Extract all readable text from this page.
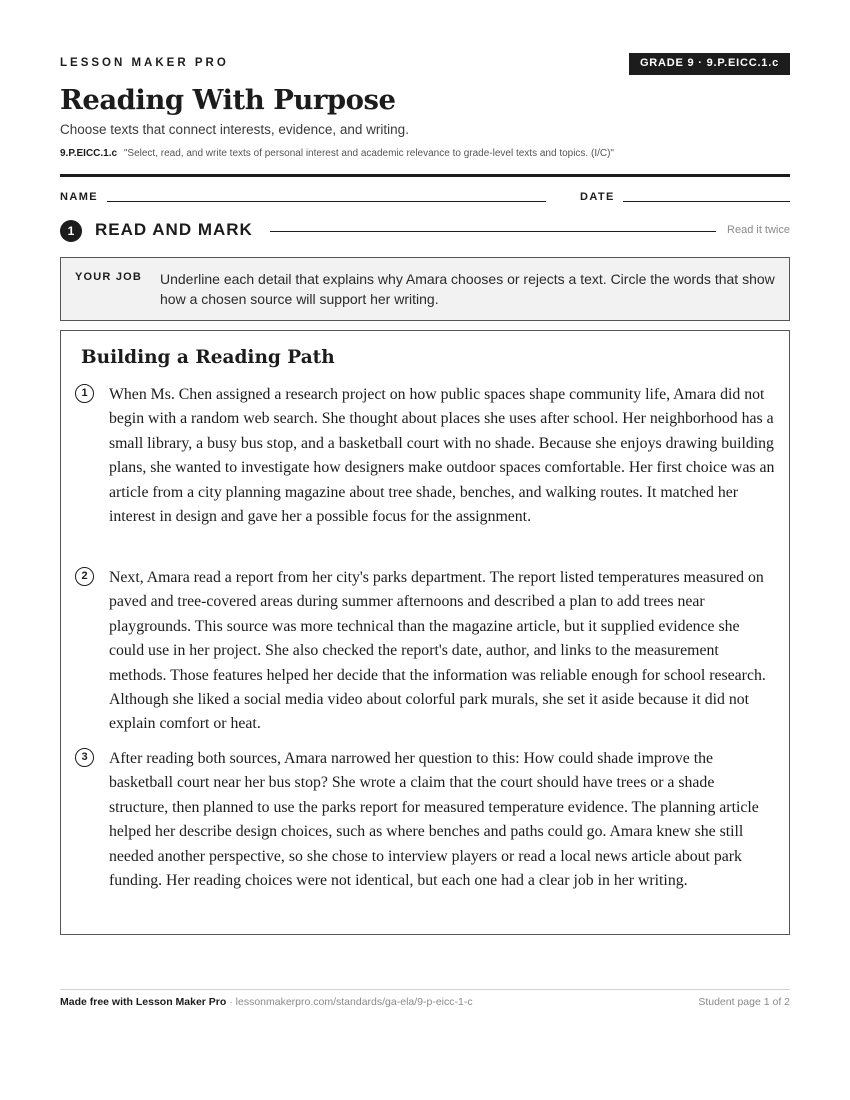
LESSON MAKER PRO	GRADE 9 · 9.P.EICC.1.c
Reading With Purpose
Choose texts that connect interests, evidence, and writing.
9.P.EICC.1.c "Select, read, and write texts of personal interest and academic relevance to grade-level texts and topics. (I/C)"
NAME	DATE
1	READ AND MARK	Read it twice
YOUR JOB Underline each detail that explains why Amara chooses or rejects a text. Circle the words that show how a chosen source will support her writing.
Building a Reading Path
1	When Ms. Chen assigned a research project on how public spaces shape community life, Amara did not begin with a random web search. She thought about places she uses after school. Her neighborhood has a small library, a busy bus stop, and a basketball court with no shade. Because she enjoys drawing building plans, she wanted to investigate how designers make outdoor spaces comfortable. Her first choice was an article from a city planning magazine about tree shade, benches, and walking routes. It matched her interest in design and gave her a possible focus for the assignment.
2	Next, Amara read a report from her city's parks department. The report listed temperatures measured on paved and tree-covered areas during summer afternoons and described a plan to add trees near playgrounds. This source was more technical than the magazine article, but it supplied evidence she could use in her project. She also checked the report's date, author, and links to the measurement methods. Those features helped her decide that the information was reliable enough for school research. Although she liked a social media video about colorful park murals, she set it aside because it did not explain comfort or heat.
3	After reading both sources, Amara narrowed her question to this: How could shade improve the basketball court near her bus stop? She wrote a claim that the court should have trees or a shade structure, then planned to use the parks report for measured temperature evidence. The planning article helped her describe design choices, such as where benches and paths could go. Amara knew she still needed another perspective, so she chose to interview players or read a local news article about park funding. Her reading choices were not identical, but each one had a clear job in her writing.
Made free with Lesson Maker Pro · lessonmakerpro.com/standards/ga-ela/9-p-eicc-1-c	Student page 1 of 2
